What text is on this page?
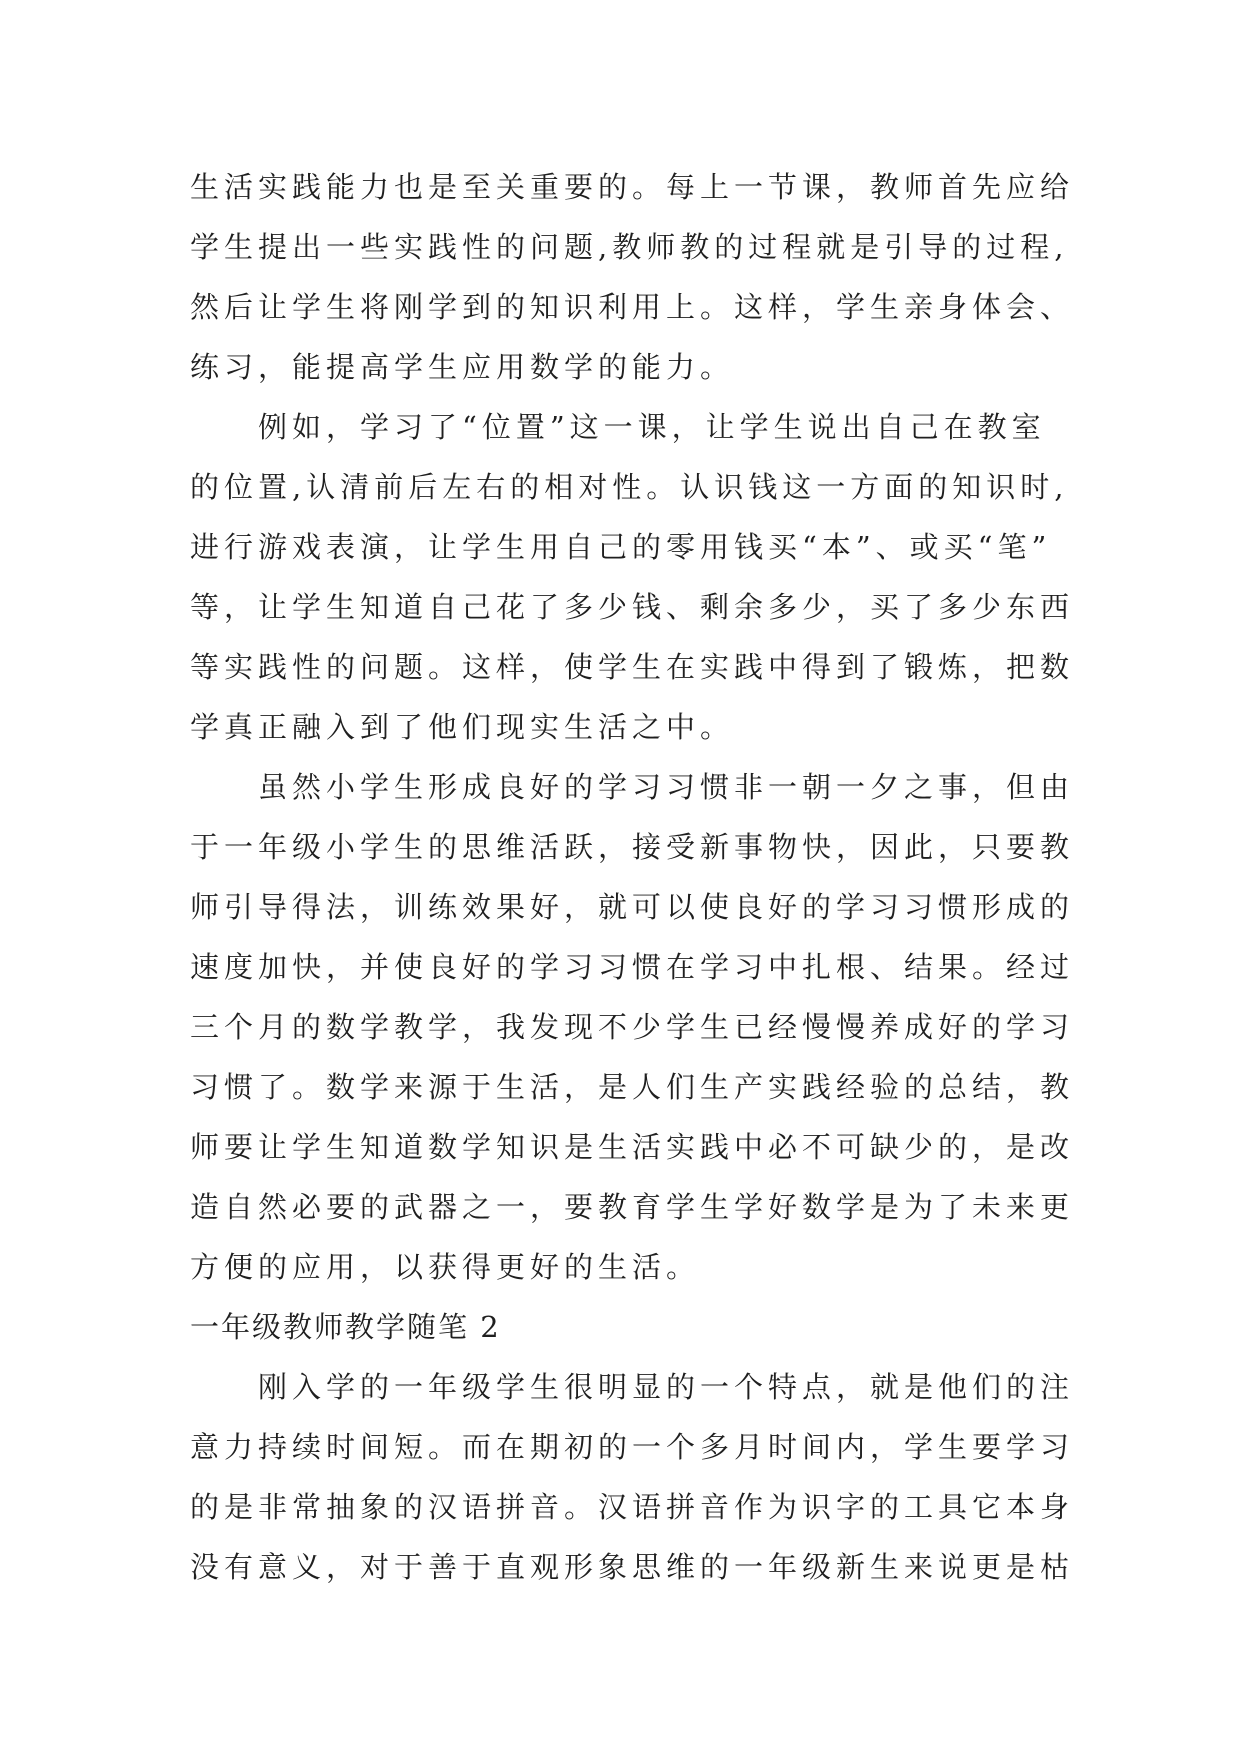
生活实践能力也是至关重要的。每上一节课，教师首先应给
学生提出一些实践性的问题,教师教的过程就是引导的过程,
然后让学生将刚学到的知识利用上。这样，学生亲身体会、
练习，能提高学生应用数学的能力。
例如，学习了“位置”这一课，让学生说出自己在教室
的位置,认清前后左右的相对性。认识钱这一方面的知识时,
进行游戏表演，让学生用自己的零用钱买“本”、或买“笔”
等，让学生知道自己花了多少钱、剩余多少，买了多少东西
等实践性的问题。这样，使学生在实践中得到了锻炼，把数
学真正融入到了他们现实生活之中。
虽然小学生形成良好的学习习惯非一朝一夕之事，但由
于一年级小学生的思维活跃，接受新事物快，因此，只要教
师引导得法，训练效果好，就可以使良好的学习习惯形成的
速度加快，并使良好的学习习惯在学习中扎根、结果。经过
三个月的数学教学，我发现不少学生已经慢慢养成好的学习
习惯了。数学来源于生活，是人们生产实践经验的总结，教
师要让学生知道数学知识是生活实践中必不可缺少的，是改
造自然必要的武器之一，要教育学生学好数学是为了未来更
方便的应用，以获得更好的生活。
一年级教师教学随笔 2
刚入学的一年级学生很明显的一个特点，就是他们的注
意力持续时间短。而在期初的一个多月时间内，学生要学习
的是非常抽象的汉语拼音。汉语拼音作为识字的工具它本身
没有意义，对于善于直观形象思维的一年级新生来说更是枯
